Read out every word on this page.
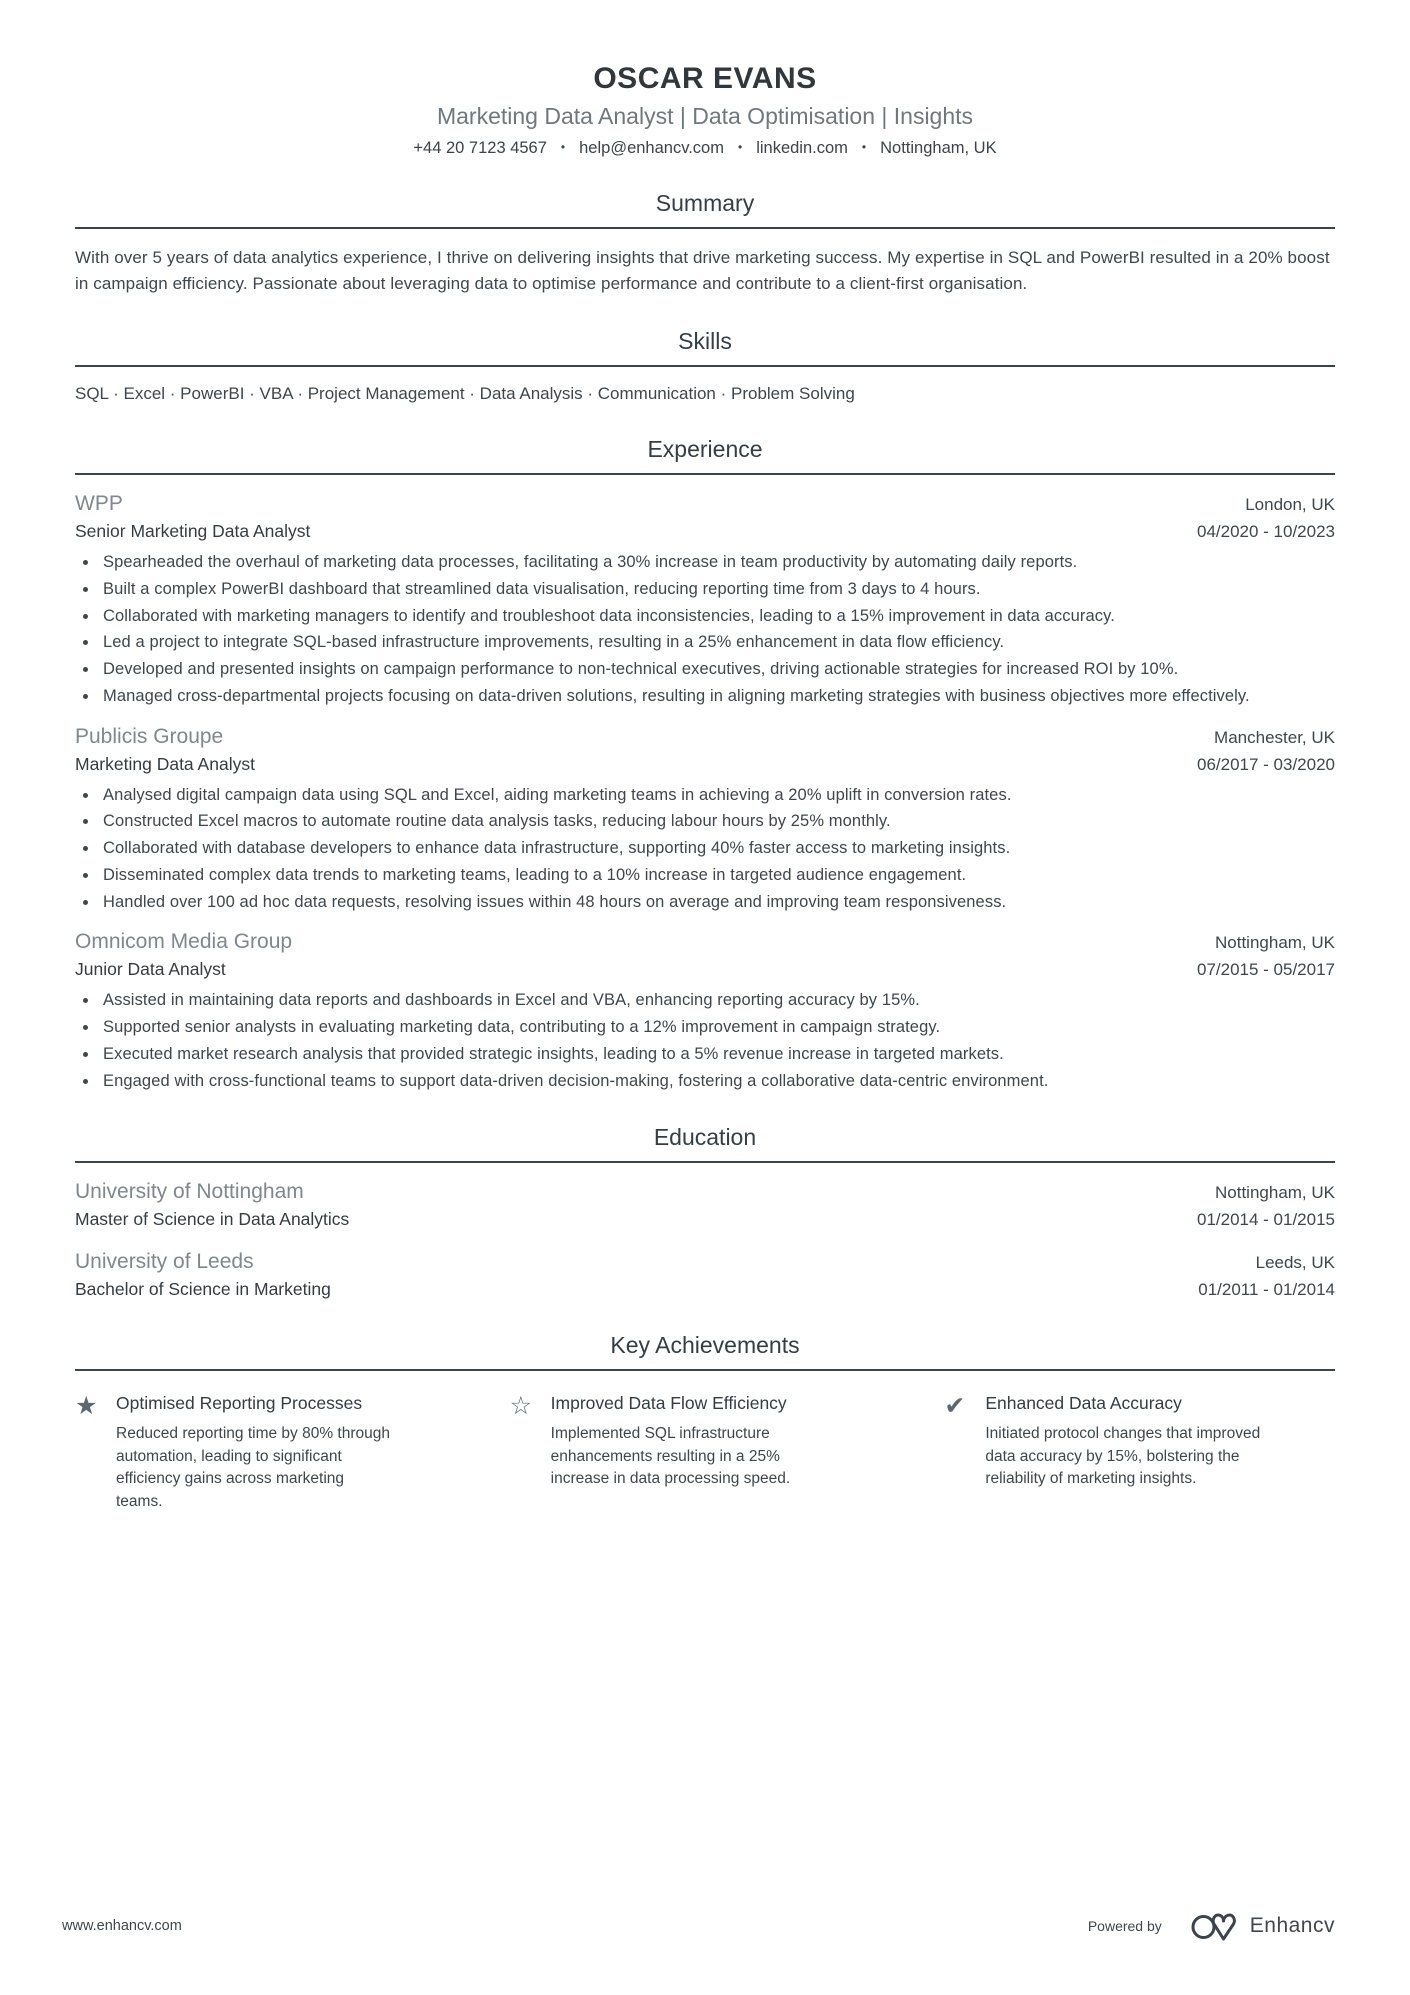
OSCAR EVANS
Marketing Data Analyst | Data Optimisation | Insights
+44 20 7123 4567 • help@enhancv.com • linkedin.com • Nottingham, UK
Summary

With over 5 years of data analytics experience, I thrive on delivering insights that drive marketing success. My expertise in SQL and PowerBI resulted in a 20% boost in campaign efficiency. Passionate about leveraging data to optimise performance and contribute to a client-first organisation.

Skills

SQL · Excel · PowerBI · VBA · Project Management · Data Analysis · Communication · Problem Solving

Experience
WPP	London, UK
Senior Marketing Data Analyst	04/2020 - 10/2023
• Spearheaded the overhaul of marketing data processes, facilitating a 30% increase in team productivity by automating daily reports.
• Built a complex PowerBI dashboard that streamlined data visualisation, reducing reporting time from 3 days to 4 hours.
• Collaborated with marketing managers to identify and troubleshoot data inconsistencies, leading to a 15% improvement in data accuracy.
• Led a project to integrate SQL-based infrastructure improvements, resulting in a 25% enhancement in data flow efficiency.
• Developed and presented insights on campaign performance to non-technical executives, driving actionable strategies for increased ROI by 10%.
• Managed cross-departmental projects focusing on data-driven solutions, resulting in aligning marketing strategies with business objectives more effectively.
Publicis Groupe	Manchester, UK
Marketing Data Analyst	06/2017 - 03/2020
• Analysed digital campaign data using SQL and Excel, aiding marketing teams in achieving a 20% uplift in conversion rates.
• Constructed Excel macros to automate routine data analysis tasks, reducing labour hours by 25% monthly.
• Collaborated with database developers to enhance data infrastructure, supporting 40% faster access to marketing insights.
• Disseminated complex data trends to marketing teams, leading to a 10% increase in targeted audience engagement.
• Handled over 100 ad hoc data requests, resolving issues within 48 hours on average and improving team responsiveness.
Omnicom Media Group	Nottingham, UK
Junior Data Analyst	07/2015 - 05/2017
• Assisted in maintaining data reports and dashboards in Excel and VBA, enhancing reporting accuracy by 15%.
• Supported senior analysts in evaluating marketing data, contributing to a 12% improvement in campaign strategy.
• Executed market research analysis that provided strategic insights, leading to a 5% revenue increase in targeted markets.
• Engaged with cross-functional teams to support data-driven decision-making, fostering a collaborative data-centric environment.
Education
University of Nottingham	Nottingham, UK
Master of Science in Data Analytics	01/2014 - 01/2015
University of Leeds	Leeds, UK
Bachelor of Science in Marketing	01/2011 - 01/2014
Key Achievements
★	Optimised Reporting Processes
Reduced reporting time by 80% through automation, leading to significant efficiency gains across marketing teams.
☆	Improved Data Flow Efficiency
Implemented SQL infrastructure enhancements resulting in a 25% increase in data processing speed.
✔	Enhanced Data Accuracy
Initiated protocol changes that improved data accuracy by 15%, bolstering the reliability of marketing insights.
www.enhancv.com	Powered by	Enhancv
